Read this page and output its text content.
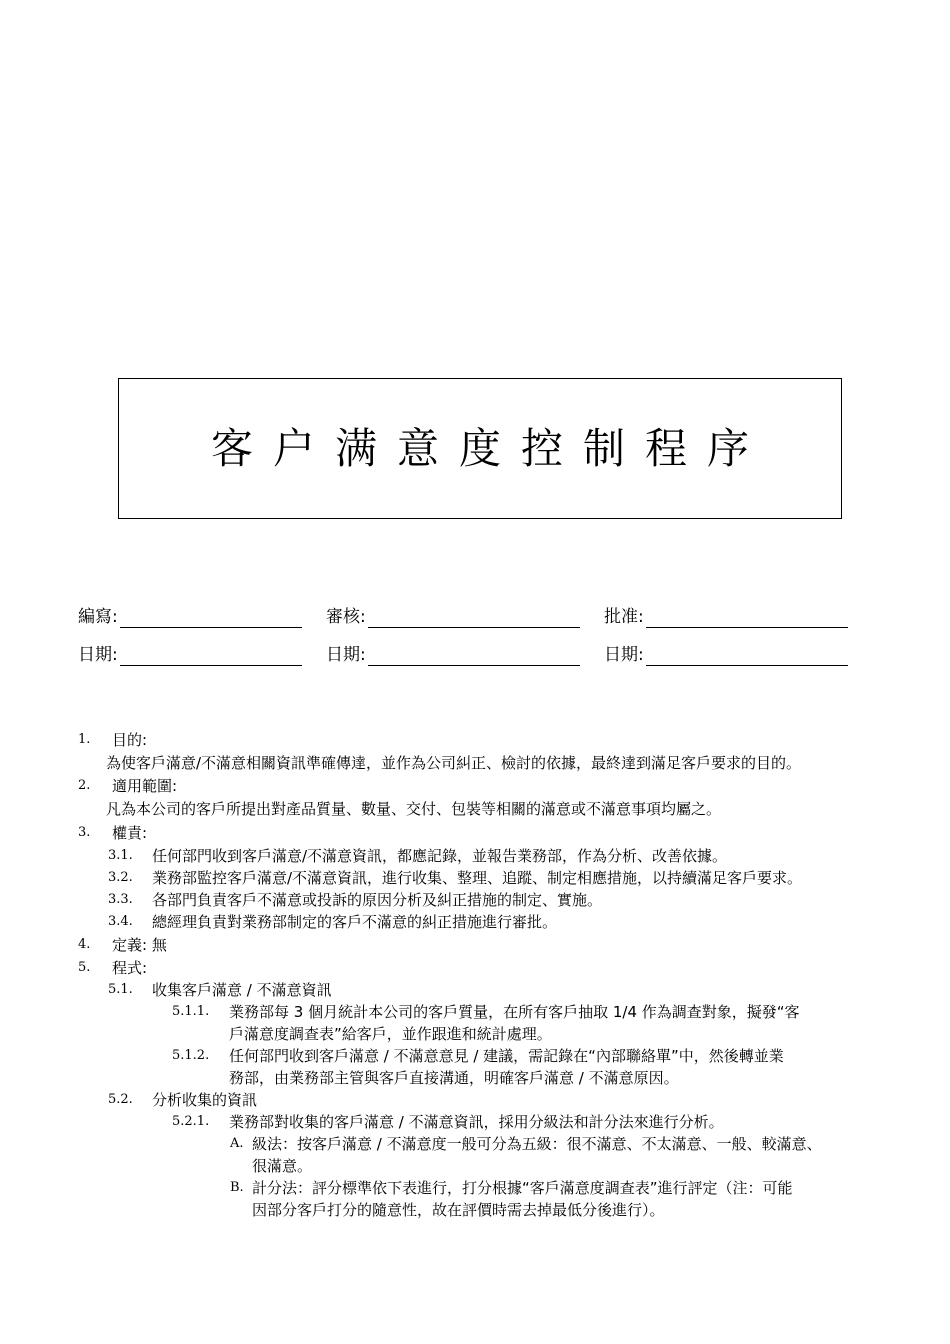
客户满意度控制程序
編寫:	審核:	批准:
日期:	日期:	日期:
1. 目的:
為使客戶滿意/不滿意相關資訊準確傳達，並作為公司糾正、檢討的依據，最終達到滿足客戶要求的目的。
2. 適用範圍:
凡為本公司的客戶所提出對產品質量、數量、交付、包裝等相關的滿意或不滿意事項均屬之。
3. 權責:
3.1. 任何部門收到客戶滿意/不滿意資訊，都應記錄，並報告業務部，作為分析、改善依據。
3.2. 業務部監控客戶滿意/不滿意資訊，進行收集、整理、追蹤、制定相應措施，以持續滿足客戶要求。
3.3. 各部門負責客戶不滿意或投訴的原因分析及糾正措施的制定、實施。
3.4. 總經理負責對業務部制定的客戶不滿意的糾正措施進行審批。
4. 定義: 無
5. 程式:
5.1. 收集客戶滿意 / 不滿意資訊
5.1.1. 業務部每 3 個月統計本公司的客戶質量，在所有客戶抽取 1/4 作為調查對象，擬發“客
戶滿意度調查表”給客戶，並作跟進和統計處理。
5.1.2. 任何部門收到客戶滿意 / 不滿意意見 / 建議，需記錄在“內部聯絡單”中，然後轉並業
務部，由業務部主管與客戶直接溝通，明確客戶滿意 / 不滿意原因。
5.2. 分析收集的資訊
5.2.1. 業務部對收集的客戶滿意 / 不滿意資訊，採用分級法和計分法來進行分析。
A. 級法：按客戶滿意 / 不滿意度一般可分為五級：很不滿意、不太滿意、一般、較滿意、
很滿意。
B. 計分法：評分標準依下表進行，打分根據“客戶滿意度調查表”進行評定（注：可能
因部分客戶打分的隨意性，故在評價時需去掉最低分後進行）。
